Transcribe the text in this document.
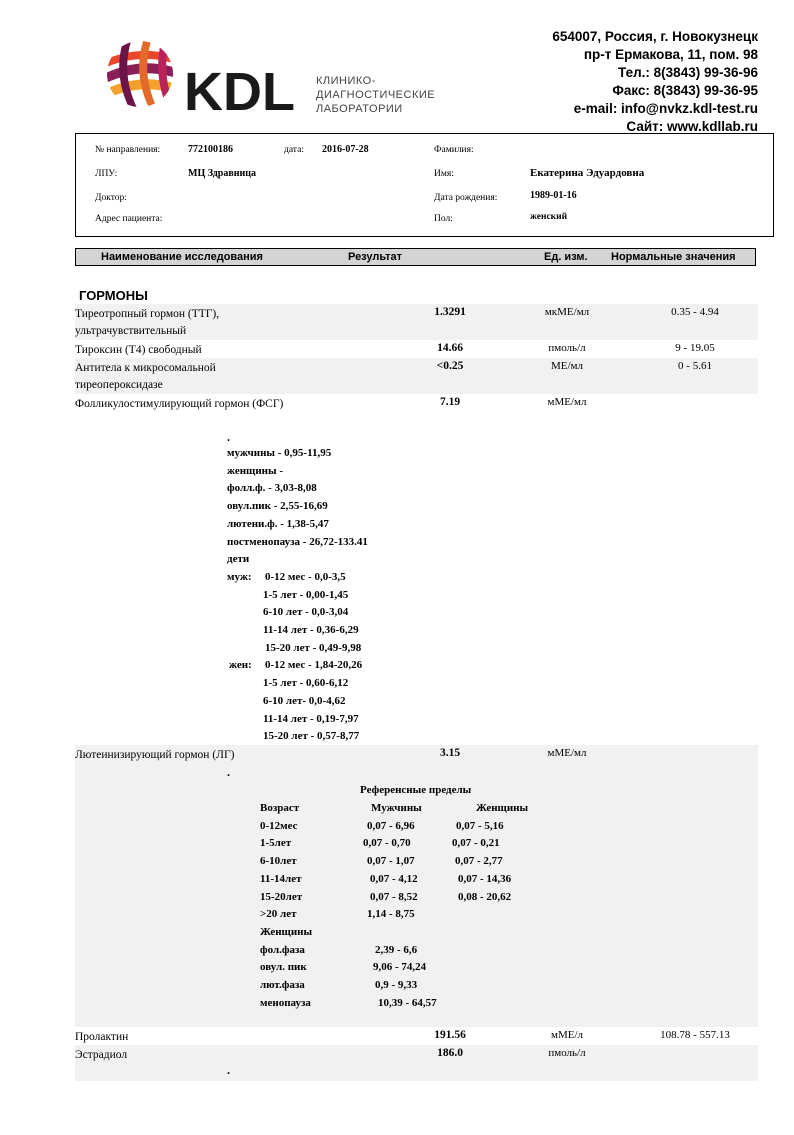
KDL КЛИНИКО-
ДИАГНОСТИЧЕСКИЕ
ЛАБОРАТОРИИ
654007, Россия, г. Новокузнецк
пр-т Ермакова, 11, пом. 98
Тел.: 8(3843) 99-36-96
Факс: 8(3843) 99-36-95
e-mail: info@nvkz.kdl-test.ru
Сайт: www.kdllab.ru
№ направления:	772100186	дата: 2016-07-28	Фамилия:
ЛПУ:	МЦ Здравница	Имя:	Екатерина Эдуардовна
Доктор:	Дата рождения:	1989-01-16
Адрес пациента:	Пол:	женский
Наименование исследования	Результат	Ед. изм. Нормальные значения
ГОРМОНЫ
Тиреотропный гормон (ТТГ), ультрачувствительный
1.3291	мкМЕ/мл	0.35 - 4.94
Тироксин (Т4) свободный	14.66	пмоль/л	9 - 19.05
Антитела к микросомальной тиреопероксидазе
<0.25	МЕ/мл	0 - 5.61
Фолликулостимулирующий гормон (ФСГ)	7.19	мМЕ/мл
.
мужчины - 0,95-11,95
женщины -
фолл.ф. - 3,03-8,08
овул.пик - 2,55-16,69
лютени.ф. - 1,38-5,47
постменопауза - 26,72-133.41
дети
муж: 0-12 мес - 0,0-3,5
1-5 лет - 0,00-1,45
6-10 лет - 0,0-3,04
11-14 лет - 0,36-6,29
15-20 лет - 0,49-9,98
жен: 0-12 мес - 1,84-20,26
1-5 лет - 0,60-6,12
6-10 лет- 0,0-4,62
11-14 лет - 0,19-7,97
15-20 лет - 0,57-8,77
Лютеинизирующий гормон (ЛГ)	3.15	мМЕ/мл
.
Референсные пределы
Возраст	Мужчины	Женщины
0-12мес	0,07 - 6,96	0,07 - 5,16
1-5лет	0,07 - 0,70	0,07 - 0,21
6-10лет	0,07 - 1,07	0,07 - 2,77
11-14лет	0,07 - 4,12	0,07 - 14,36
15-20лет	0,07 - 8,52	0,08 - 20,62
>20 лет	1,14 - 8,75
Женщины
фол.фаза	2,39 - 6,6
овул. пик	9,06 - 74,24
лют.фаза	0,9 - 9,33
менопауза	10,39 - 64,57
Пролактин	191.56	мМЕ/л	108.78 - 557.13
Эстрадиол	186.0	пмоль/л
.
